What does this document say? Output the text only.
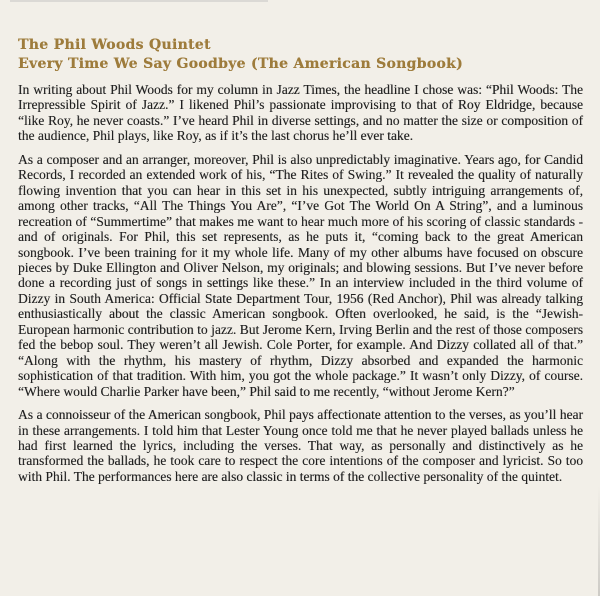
The Phil Woods Quintet
Every Time We Say Goodbye (The American Songbook)

In writing about Phil Woods for my column in Jazz Times, the headline I chose was: “Phil Woods: The Irrepressible Spirit of Jazz.” I likened Phil’s passionate improvising to that of Roy Eldridge, because “like Roy, he never coasts.” I’ve heard Phil in diverse settings, and no matter the size or composition of the audience, Phil plays, like Roy, as if it’s the last chorus he’ll ever take.

As a composer and an arranger, moreover, Phil is also unpredictably imaginative. Years ago, for Candid Records, I recorded an extended work of his, “The Rites of Swing.” It revealed the quality of naturally flowing invention that you can hear in this set in his unexpected, subtly intriguing arrangements of, among other tracks, “All The Things You Are”, “I’ve Got The World On A String”, and a luminous recreation of “Summertime” that makes me want to hear much more of his scoring of classic standards - and of originals. For Phil, this set represents, as he puts it, “coming back to the great American songbook. I’ve been training for it my whole life. Many of my other albums have focused on obscure pieces by Duke Ellington and Oliver Nelson, my originals; and blowing sessions. But I’ve never before done a recording just of songs in settings like these.” In an interview included in the third volume of Dizzy in South America: Official State Department Tour, 1956 (Red Anchor), Phil was already talking enthusiastically about the classic American songbook. Often overlooked, he said, is the “Jewish-European harmonic contribution to jazz. But Jerome Kern, Irving Berlin and the rest of those composers fed the bebop soul. They weren’t all Jewish. Cole Porter, for example. And Dizzy collated all of that.” “Along with the rhythm, his mastery of rhythm, Dizzy absorbed and expanded the harmonic sophistication of that tradition. With him, you got the whole package.” It wasn’t only Dizzy, of course. “Where would Charlie Parker have been,” Phil said to me recently, “without Jerome Kern?”

As a connoisseur of the American songbook, Phil pays affectionate attention to the verses, as you’ll hear in these arrangements. I told him that Lester Young once told me that he never played ballads unless he had first learned the lyrics, including the verses. That way, as personally and distinctively as he transformed the ballads, he took care to respect the core intentions of the composer and lyricist. So too with Phil. The performances here are also classic in terms of the collective personality of the quintet.
